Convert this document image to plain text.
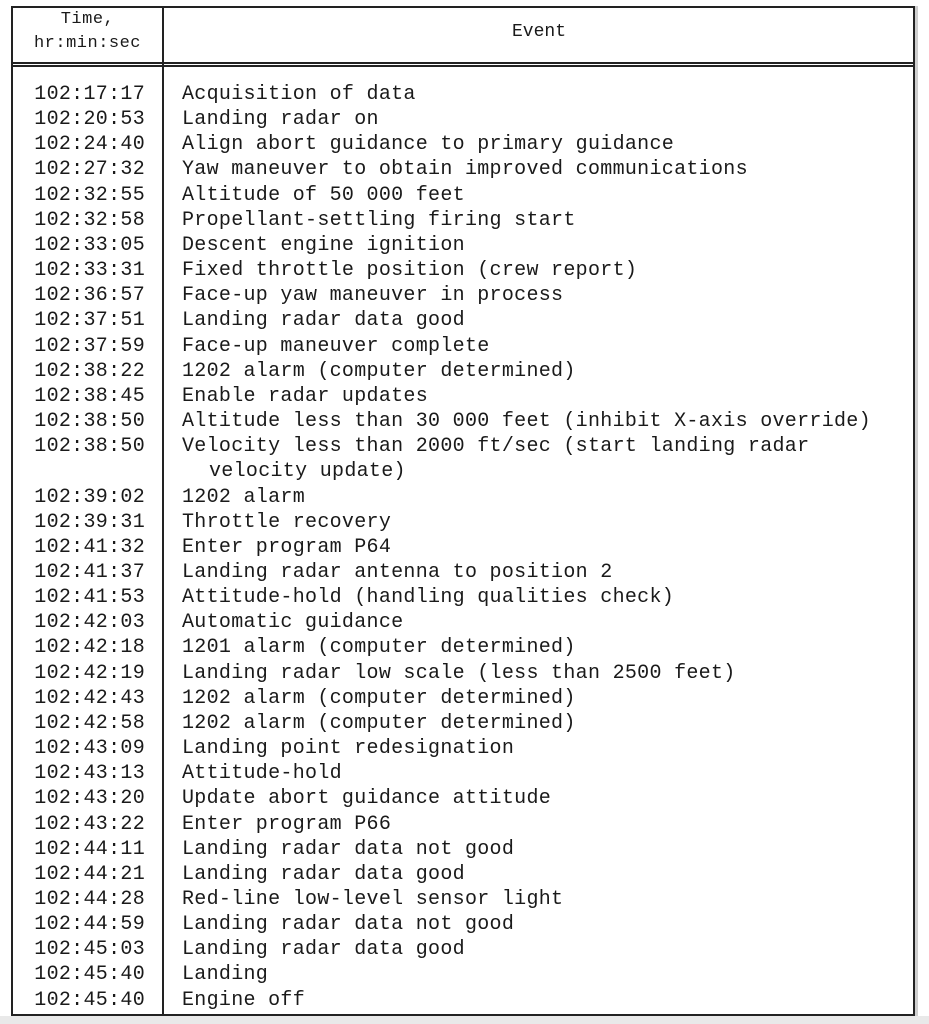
Time,
hr:min:sec
Event
102:17:17 Acquisition of data
102:20:53 Landing radar on
102:24:40 Align abort guidance to primary guidance
102:27:32 Yaw maneuver to obtain improved communications
102:32:55 Altitude of 50 000 feet
102:32:58 Propellant-settling firing start
102:33:05 Descent engine ignition
102:33:31 Fixed throttle position (crew report)
102:36:57 Face-up yaw maneuver in process
102:37:51 Landing radar data good
102:37:59 Face-up maneuver complete
102:38:22 1202 alarm (computer determined)
102:38:45 Enable radar updates
102:38:50 Altitude less than 30 000 feet (inhibit X-axis override)
102:38:50 Velocity less than 2000 ft/sec (start landing radar
velocity update)
102:39:02 1202 alarm
102:39:31 Throttle recovery
102:41:32 Enter program P64
102:41:37 Landing radar antenna to position 2
102:41:53 Attitude-hold (handling qualities check)
102:42:03 Automatic guidance
102:42:18 1201 alarm (computer determined)
102:42:19 Landing radar low scale (less than 2500 feet)
102:42:43 1202 alarm (computer determined)
102:42:58 1202 alarm (computer determined)
102:43:09 Landing point redesignation
102:43:13 Attitude-hold
102:43:20 Update abort guidance attitude
102:43:22 Enter program P66
102:44:11 Landing radar data not good
102:44:21 Landing radar data good
102:44:28 Red-line low-level sensor light
102:44:59 Landing radar data not good
102:45:03 Landing radar data good
102:45:40 Landing
102:45:40 Engine off
